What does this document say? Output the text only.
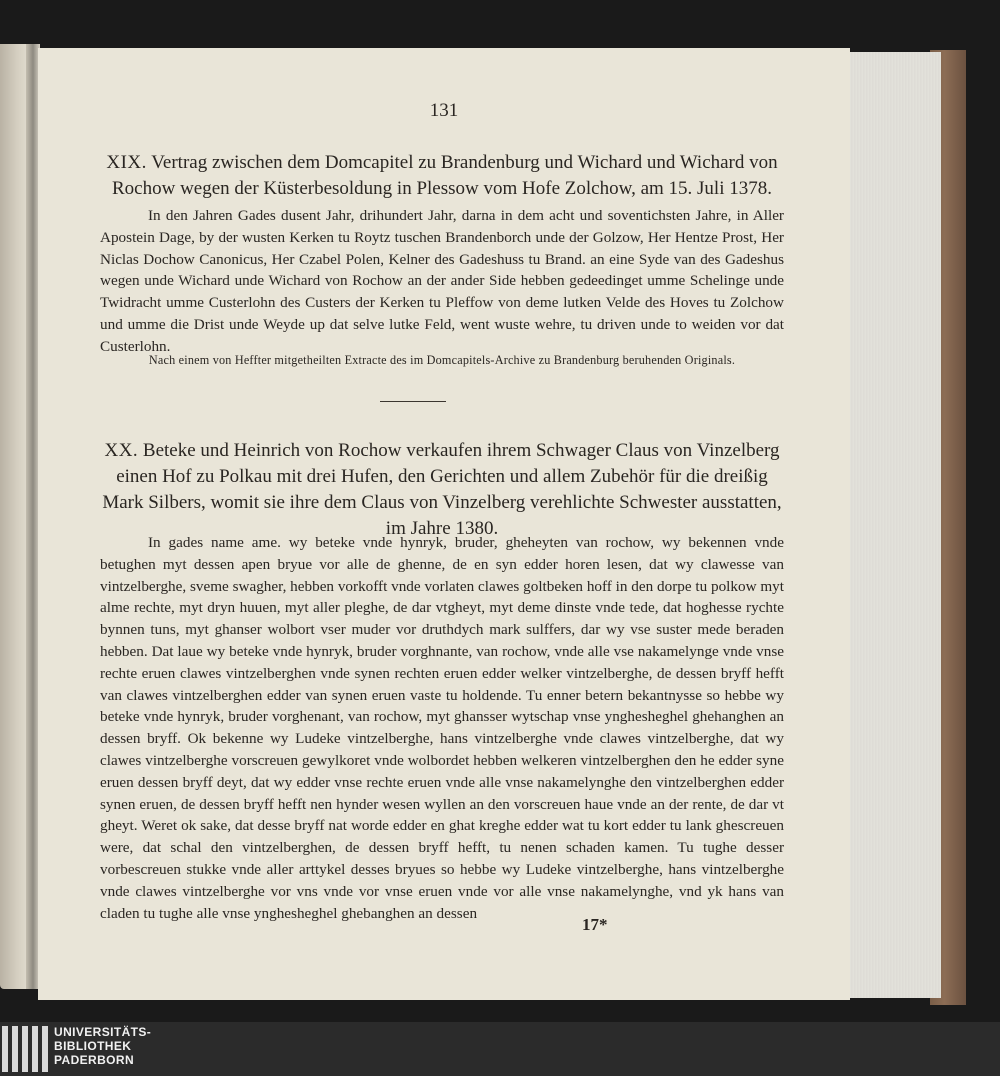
131
XIX. Vertrag zwischen dem Domcapitel zu Brandenburg und Wichard und Wichard von Rochow wegen der Küsterbesoldung in Plessow vom Hofe Zolchow, am 15. Juli 1378.

In den Jahren Gades dusent Jahr, drihundert Jahr, darna in dem acht und soventichsten Jahre, in Aller Apostein Dage, by der wusten Kerken tu Roytz tuschen Brandenborch unde der Golzow, Her Hentze Prost, Her Niclas Dochow Canonicus, Her Czabel Polen, Kelner des Gadeshuss tu Brand. an eine Syde van des Gadeshus wegen unde Wichard unde Wichard von Rochow an der ander Side hebben gedeedinget umme Schelinge unde Twidracht umme Custerlohn des Custers der Kerken tu Pleffow von deme lutken Velde des Hoves tu Zolchow und umme die Drist unde Weyde up dat selve lutke Feld, went wuste wehre, tu driven unde to weiden vor dat Custerlohn.

Nach einem von Heffter mitgetheilten Extracte des im Domcapitels-Archive zu Brandenburg beruhenden Originals.
XX. Beteke und Heinrich von Rochow verkaufen ihrem Schwager Claus von Vinzelberg einen Hof zu Polkau mit drei Hufen, den Gerichten und allem Zubehör für die dreißig Mark Silbers, womit sie ihre dem Claus von Vinzelberg verehlichte Schwester ausstatten,
im Jahre 1380.

In gades name ame. wy beteke vnde hynryk, bruder, gheheyten van rochow, wy bekennen vnde betughen myt dessen apen bryue vor alle de ghenne, de en syn edder horen lesen, dat wy clawesse van vintzelberghe, sveme swagher, hebben vorkofft vnde vorlaten clawes goltbeken hoff in den dorpe tu polkow myt alme rechte, myt dryn huuen, myt aller pleghe, de dar vtgheyt, myt deme dinste vnde tede, dat hoghesse rychte bynnen tuns, myt ghanser wolbort vser muder vor druthdych mark sulffers, dar wy vse suster mede beraden hebben. Dat laue wy beteke vnde hynryk, bruder vorghnante, van rochow, vnde alle vse nakamelynge vnde vnse rechte eruen clawes vintzelberghen vnde synen rechten eruen edder welker vintzelberghe, de dessen bryff hefft van clawes vintzelberghen edder van synen eruen vaste tu holdende. Tu enner betern bekantnysse so hebbe wy beteke vnde hynryk, bruder vorghenant, van rochow, myt ghansser wytschap vnse ynghesheghel ghehanghen an dessen bryff. Ok bekenne wy Ludeke vintzelberghe, hans vintzelberghe vnde clawes vintzelberghe, dat wy clawes vintzelberghe vorscreuen gewylkoret vnde wolbordet hebben welkeren vintzelberghen den he edder syne eruen dessen bryff deyt, dat wy edder vnse rechte eruen vnde alle vnse nakamelynghe den vintzelberghen edder synen eruen, de dessen bryff hefft nen hynder wesen wyllen an den vorscreuen haue vnde an der rente, de dar vt gheyt. Weret ok sake, dat desse bryff nat worde edder en ghat kreghe edder wat tu kort edder tu lank ghescreuen were, dat schal den vintzelberghen, de dessen bryff hefft, tu nenen schaden kamen. Tu tughe desser vorbescreuen stukke vnde aller arttykel desses bryues so hebbe wy Ludeke vintzelberghe, hans vintzelberghe vnde clawes vintzelberghe vor vns vnde vor vnse eruen vnde vor alle vnse nakamelynghe, vnd yk hans van claden tu tughe alle vnse ynghesheghel ghebanghen an dessen

17*
UNIVERSITÄTS-
BIBLIOTHEK
PADERBORN
